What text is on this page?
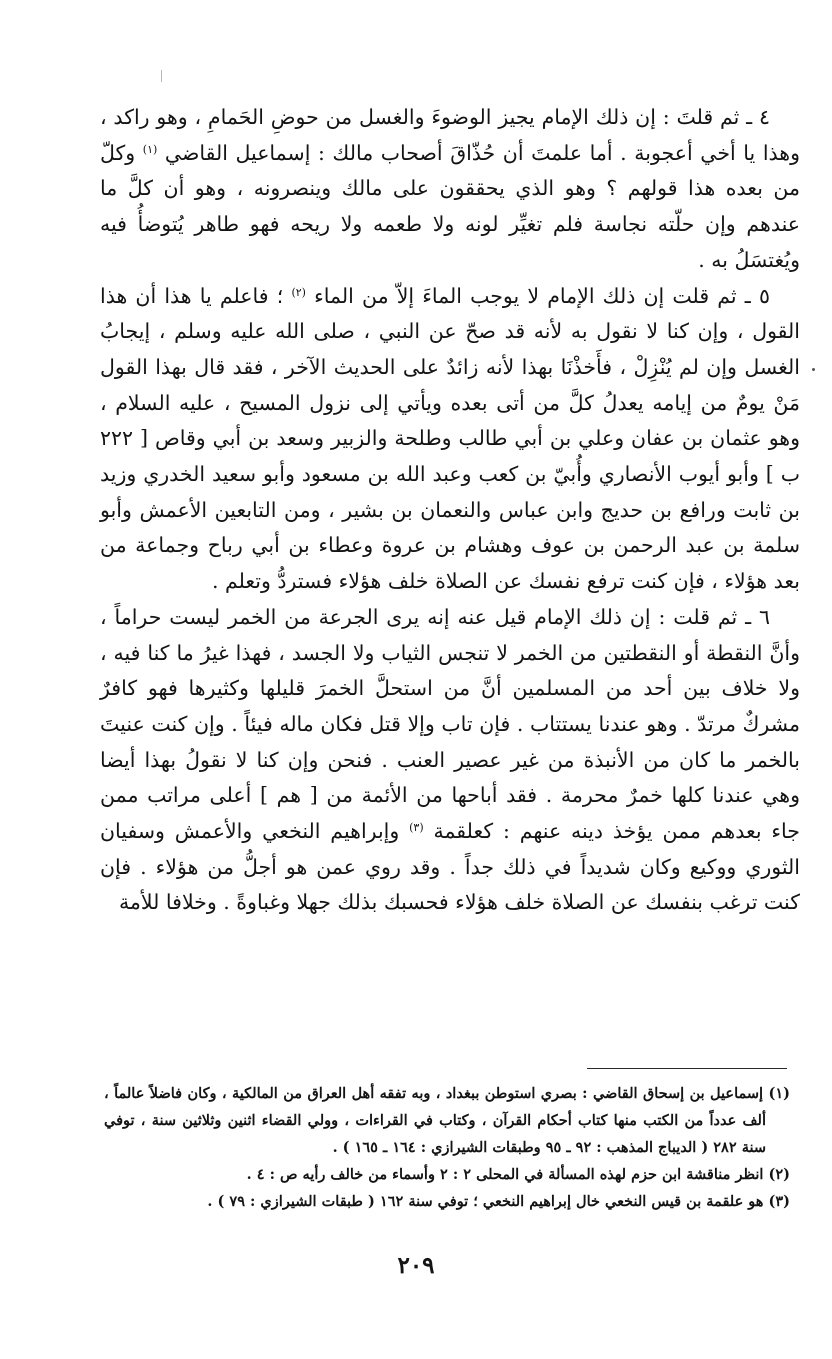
٤ ـ ثم قلتَ : إن ذلك الإمام يجيز الوضوءَ والغسل من حوضِ الحَمامِ ، وهو راكد ، وهذا يا أخي أعجوبة . أما علمتَ أن حُذّاقَ أصحاب مالك : إسماعيل القاضي $^{(١)}$ وكلّ من بعده هذا قولهم ؟ وهو الذي يحققون على مالك وينصرونه ، وهو أن كلَّ ما عندهم وإن حلّته نجاسة فلم تغيِّر لونه ولا طعمه ولا ريحه فهو طاهر يُتوضأُ فيه ويُغتسَلُ به .

٥ ـ ثم قلت إن ذلك الإمام لا يوجب الماءَ إلاّ من الماء $^{(٢)}$ ؛ فاعلم يا هذا أن هذا القول ، وإن كنا لا نقول به لأنه قد صحّ عن النبي ، صلى الله عليه وسلم ، إيجابُ الغسل وإن لم يُنْزِلْ ، فأَخذْنَا بهذا لأنه زائدٌ على الحديث الآخر ، فقد قال بهذا القول مَنْ يومٌ من إيامه يعدلُ كلَّ من أتى بعده ويأتي إلى نزول المسيح ، عليه السلام ، وهو عثمان بن عفان وعلي بن أبي طالب وطلحة والزبير وسعد بن أبي وقاص [ ٢٢٢ ب ] وأبو أيوب الأنصاري وأُبيّ بن كعب وعبد الله بن مسعود وأبو سعيد الخدري وزيد بن ثابت ورافع بن حديج وابن عباس والنعمان بن بشير ، ومن التابعين الأعمش وأبو سلمة بن عبد الرحمن بن عوف وهشام بن عروة وعطاء بن أبي رباح وجماعة من بعد هؤلاء ، فإن كنت ترفع نفسك عن الصلاة خلف هؤلاء فستردُّ وتعلم .

٦ ـ ثم قلت : إن ذلك الإمام قيل عنه إنه يرى الجرعة من الخمر ليست حراماً ، وأنَّ النقطة أو النقطتين من الخمر لا تنجس الثياب ولا الجسد ، فهذا غيرُ ما كنا فيه ، ولا خلاف بين أحد من المسلمين أنَّ من استحلَّ الخمرَ قليلها وكثيرها فهو كافرٌ مشركٌ مرتدّ . وهو عندنا يستتاب . فإن تاب وإلا قتل فكان ماله فيئاً . وإن كنت عنيتَ بالخمر ما كان من الأنبذة من غير عصير العنب . فنحن وإن كنا لا نقولُ بهذا أيضا وهي عندنا كلها خمرٌ محرمة . فقد أباحها من الأئمة من [ هم ] أعلى مراتب ممن جاء بعدهم ممن يؤخذ دينه عنهم : كعلقمة $^{(٣)}$ وإبراهيم النخعي والأعمش وسفيان الثوري ووكيع وكان شديداً في ذلك جداً . وقد روي عمن هو أجلُّ من هؤلاء . فإن كنت ترغب بنفسك عن الصلاة خلف هؤلاء فحسبك بذلك جهلا وغباوةً . وخلافا للأمة

(١) إسماعيل بن إسحاق القاضي : بصري استوطن ببغداد ، وبه تفقه أهل العراق من المالكية ، وكان فاضلاً عالماً ، ألف عدداً من الكتب منها كتاب أحكام القرآن ، وكتاب في القراءات ، وولي القضاء اثنين وثلاثين سنة ، توفي سنة ٢٨٢ ( الديباج المذهب : ٩٢ ـ ٩٥ وطبقات الشيرازي : ١٦٤ ـ ١٦٥ ) .

(٢) انظر مناقشة ابن حزم لهذه المسألة في المحلى ٢ : ٢ وأسماء من خالف رأيه ص : ٤ .

(٣) هو علقمة بن قيس النخعي خال إبراهيم النخعي ؛ توفي سنة ١٦٢ ( طبقات الشيرازي : ٧٩ ) .

٢٠٩
